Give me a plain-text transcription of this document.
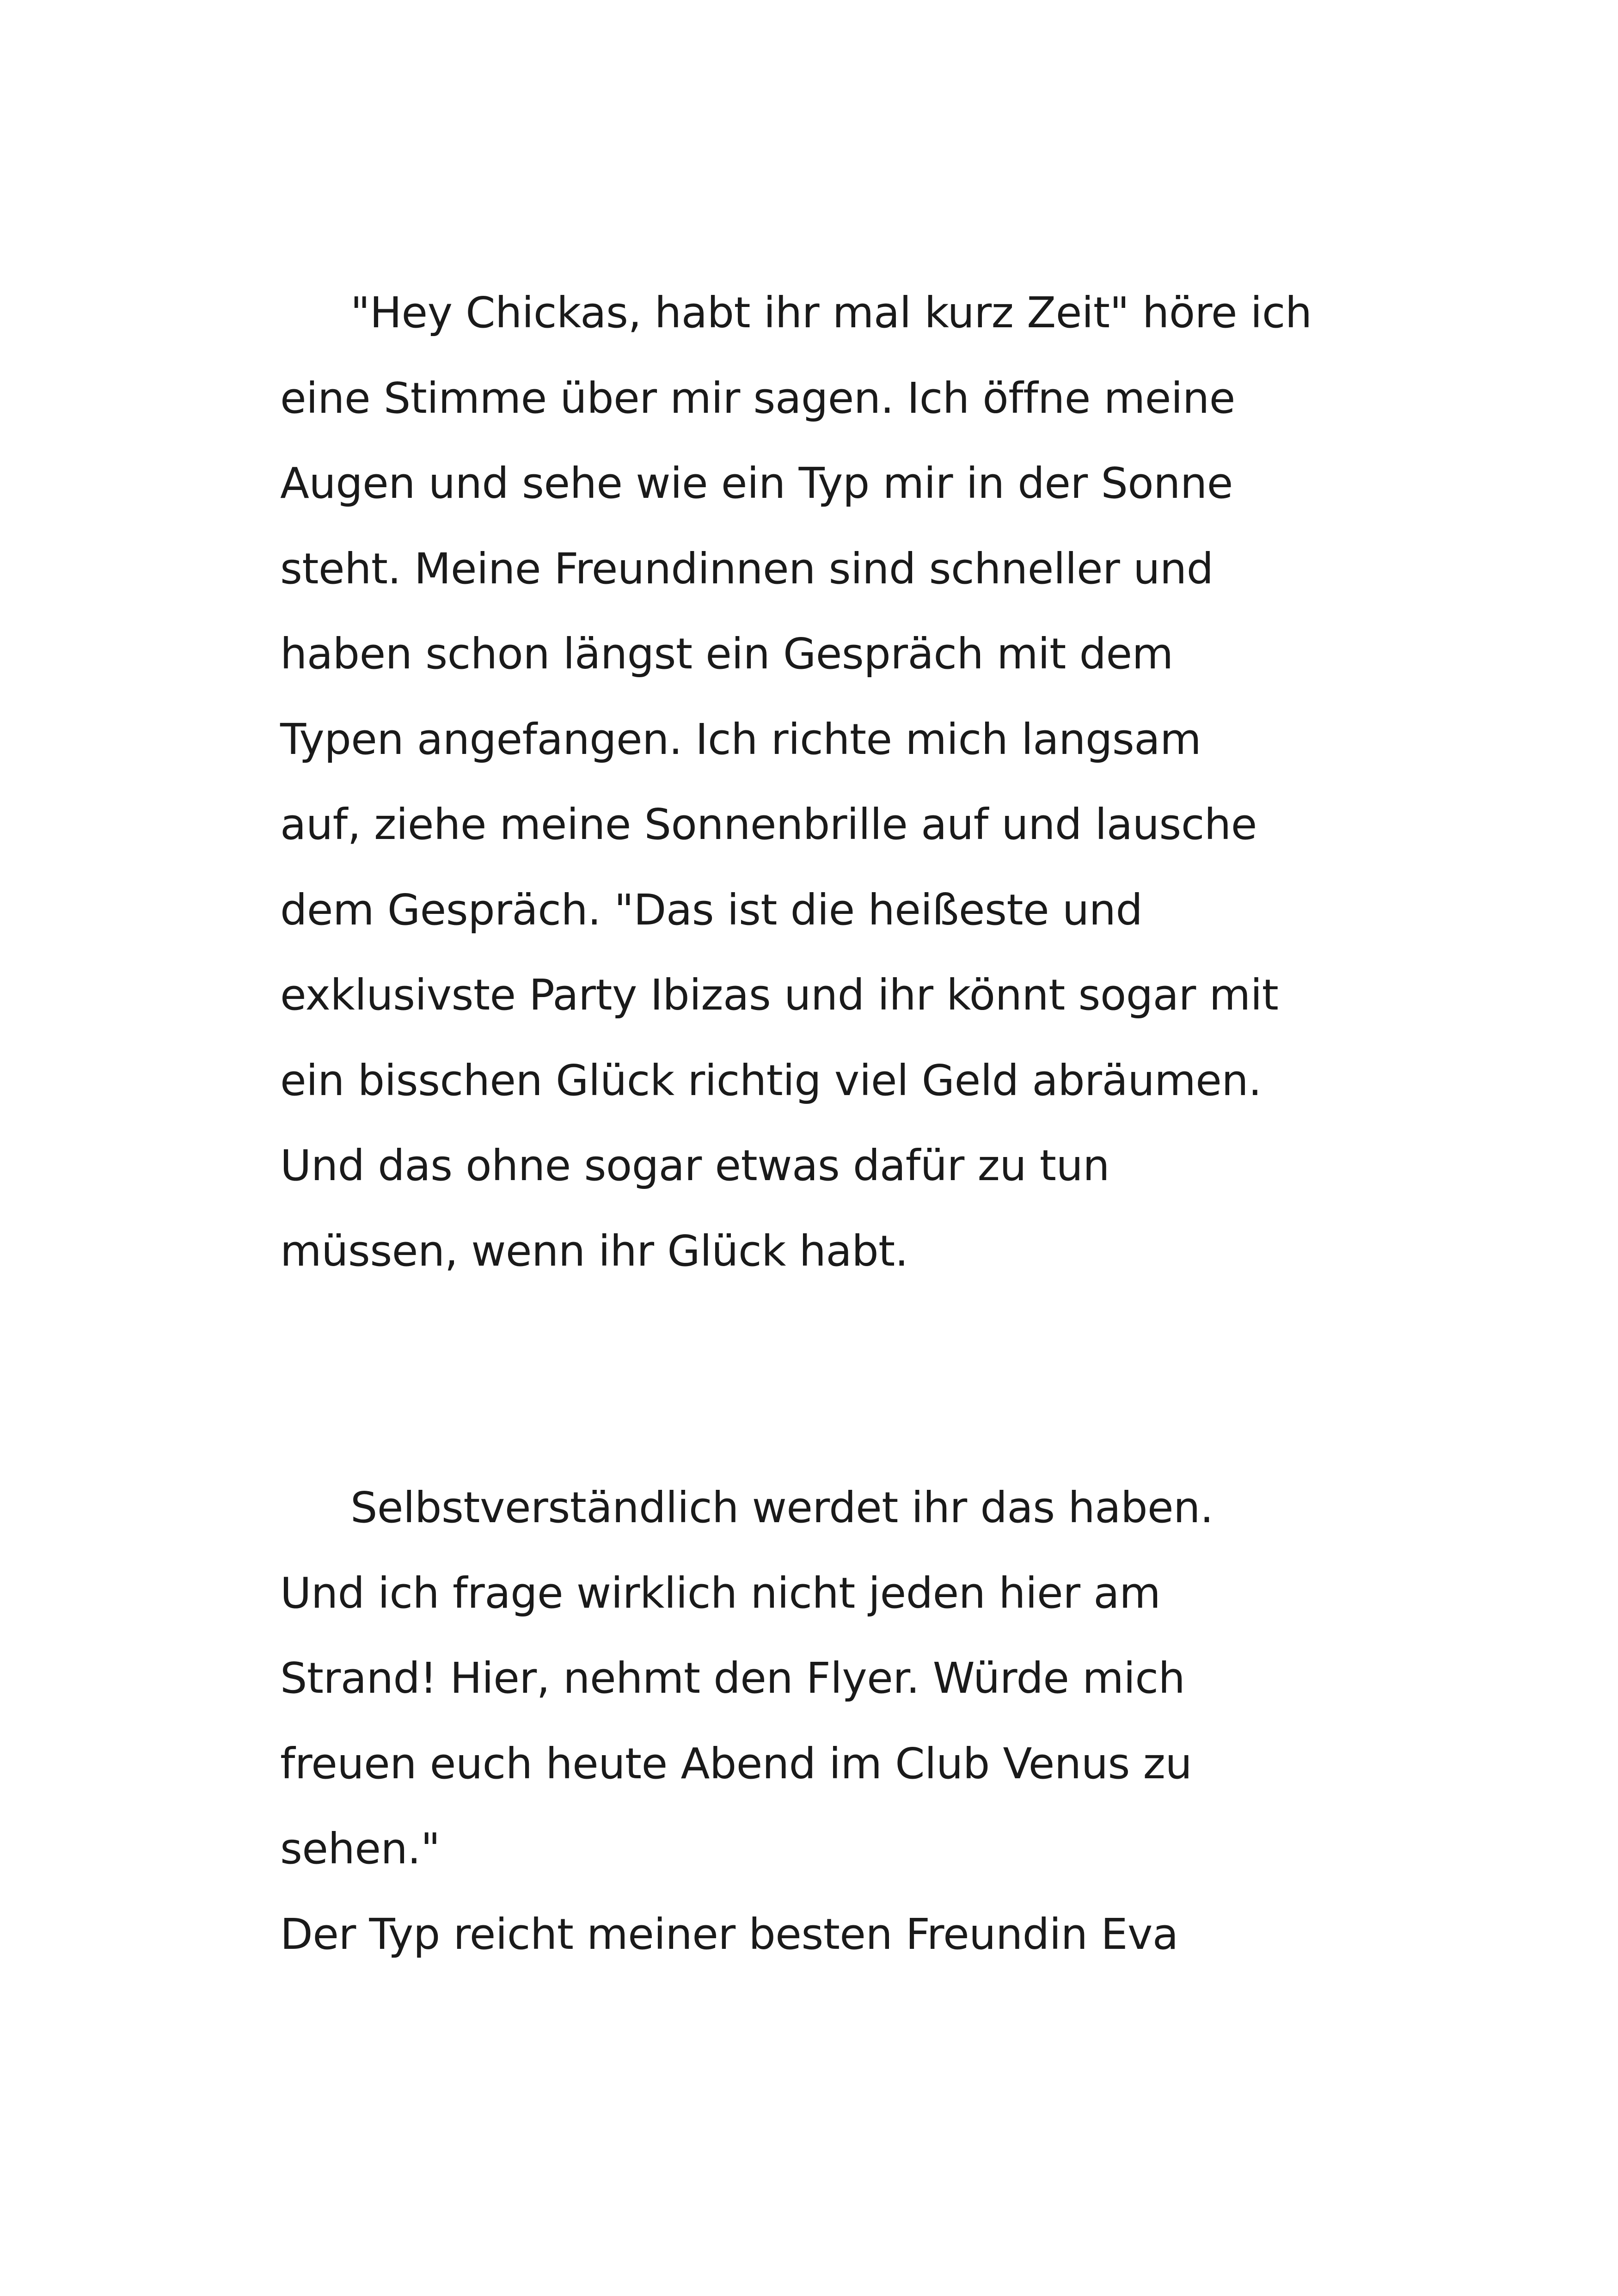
"Hey Chickas, habt ihr mal kurz Zeit" höre ich
eine Stimme über mir sagen. Ich öffne meine
Augen und sehe wie ein Typ mir in der Sonne
steht. Meine Freundinnen sind schneller und
haben schon längst ein Gespräch mit dem
Typen angefangen. Ich richte mich langsam
auf, ziehe meine Sonnenbrille auf und lausche
dem Gespräch. "Das ist die heißeste und
exklusivste Party Ibizas und ihr könnt sogar mit
ein bisschen Glück richtig viel Geld abräumen.
Und das ohne sogar etwas dafür zu tun
müssen, wenn ihr Glück habt.

Selbstverständlich werdet ihr das haben.
Und ich frage wirklich nicht jeden hier am
Strand! Hier, nehmt den Flyer. Würde mich
freuen euch heute Abend im Club Venus zu
sehen."
Der Typ reicht meiner besten Freundin Eva
